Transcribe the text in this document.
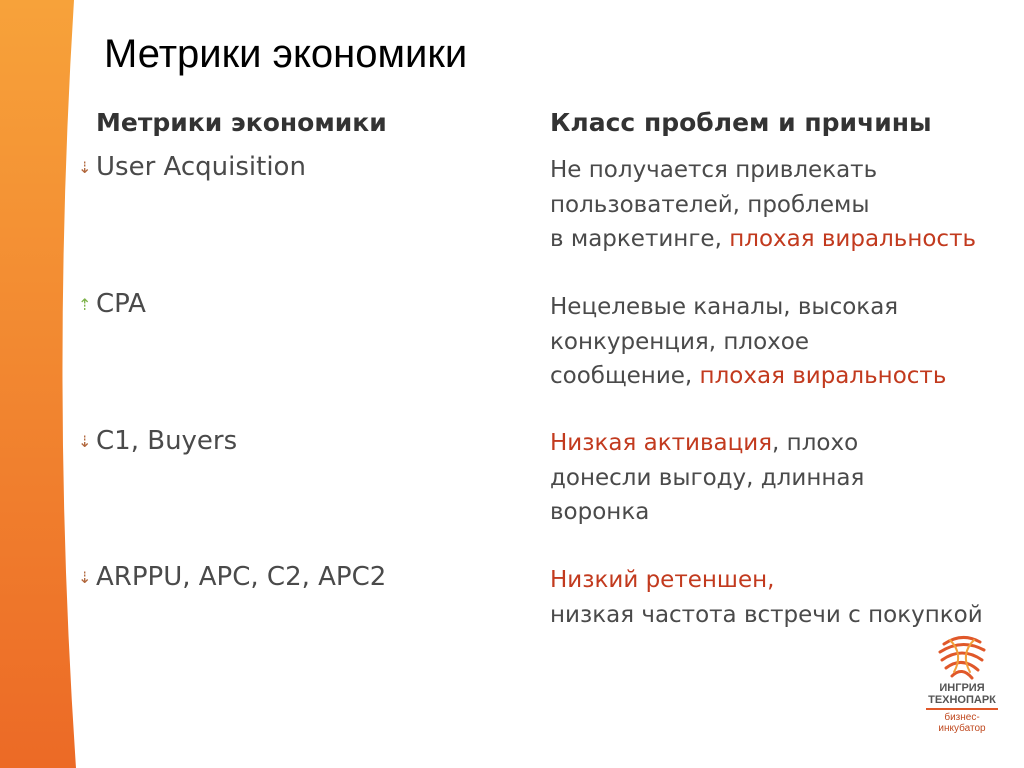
Метрики экономики
Метрики экономики	Класс проблем и причины
⇣ User Acquisition	Не получается привлекать
пользователей, проблемы
в маркетинге, плохая виральность
⇡ CPA	Нецелевые каналы, высокая
конкуренция, плохое
сообщение, плохая виральность
⇣ C1, Buyers	Низкая активация, плохо
донесли выгоду, длинная
воронка
⇣ ARPPU, APC, C2, APC2	Низкий ретеншен,
низкая частота встречи с покупкой
ИНГРИЯ
ТЕХНОПАРК
бизнес-
инкубатор
